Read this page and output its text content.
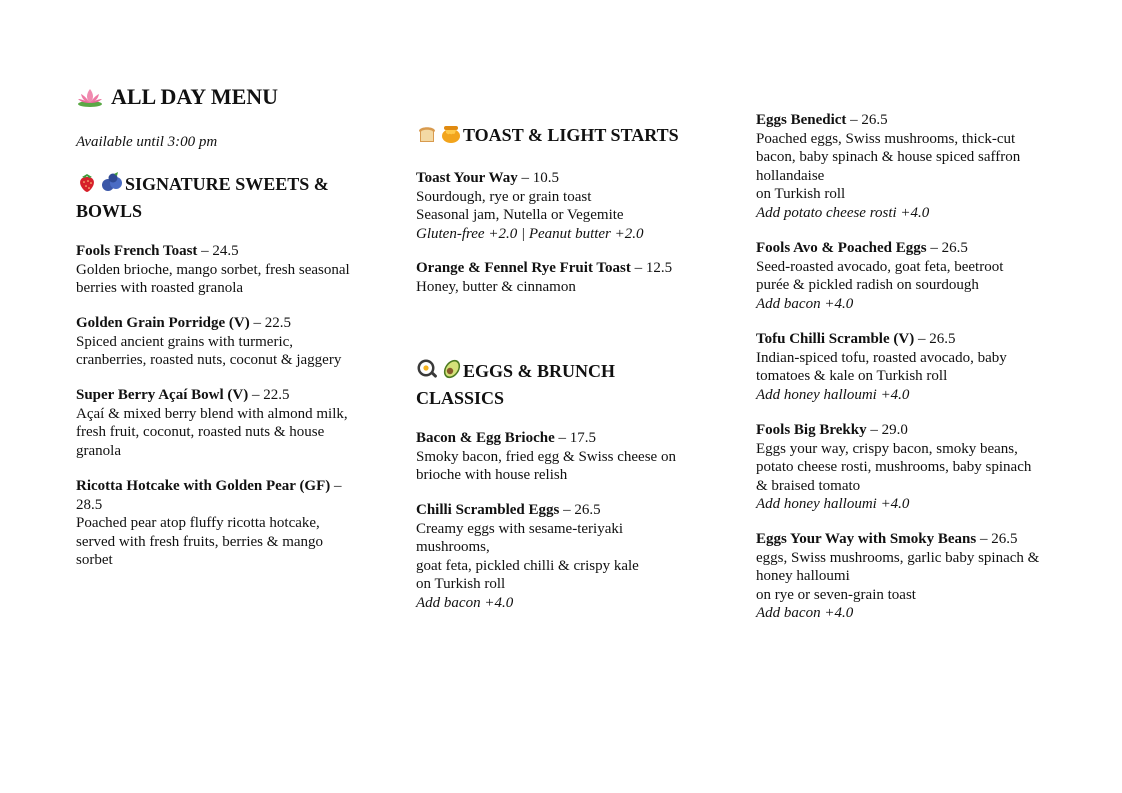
ALL DAY MENU

Available until 3:00 pm

SIGNATURE SWEETS & BOWLS
Fools French Toast – 24.5
Golden brioche, mango sorbet, fresh seasonal berries with roasted granola
Golden Grain Porridge (V) – 22.5
Spiced ancient grains with turmeric, cranberries, roasted nuts, coconut & jaggery
Super Berry Açaí Bowl (V) – 22.5
Açaí & mixed berry blend with almond milk, fresh fruit, coconut, roasted nuts & house granola
Ricotta Hotcake with Golden Pear (GF) – 28.5
Poached pear atop fluffy ricotta hotcake, served with fresh fruits, berries & mango sorbet
TOAST & LIGHT STARTS
Toast Your Way – 10.5
Sourdough, rye or grain toast
Seasonal jam, Nutella or Vegemite
Gluten-free +2.0 | Peanut butter +2.0
Orange & Fennel Rye Fruit Toast – 12.5
Honey, butter & cinnamon
EGGS & BRUNCH CLASSICS
Bacon & Egg Brioche – 17.5
Smoky bacon, fried egg & Swiss cheese on brioche with house relish
Chilli Scrambled Eggs – 26.5
Creamy eggs with sesame-teriyaki mushrooms,
goat feta, pickled chilli & crispy kale
on Turkish roll
Add bacon +4.0
Eggs Benedict – 26.5
Poached eggs, Swiss mushrooms, thick-cut bacon, baby spinach & house spiced saffron hollandaise
on Turkish roll
Add potato cheese rosti +4.0
Fools Avo & Poached Eggs – 26.5
Seed-roasted avocado, goat feta, beetroot purée & pickled radish on sourdough
Add bacon +4.0
Tofu Chilli Scramble (V) – 26.5
Indian-spiced tofu, roasted avocado, baby tomatoes & kale on Turkish roll
Add honey halloumi +4.0
Fools Big Brekky – 29.0
Eggs your way, crispy bacon, smoky beans, potato cheese rosti, mushrooms, baby spinach & braised tomato
Add honey halloumi +4.0
Eggs Your Way with Smoky Beans – 26.5
eggs, Swiss mushrooms, garlic baby spinach & honey halloumi
on rye or seven-grain toast
Add bacon +4.0
